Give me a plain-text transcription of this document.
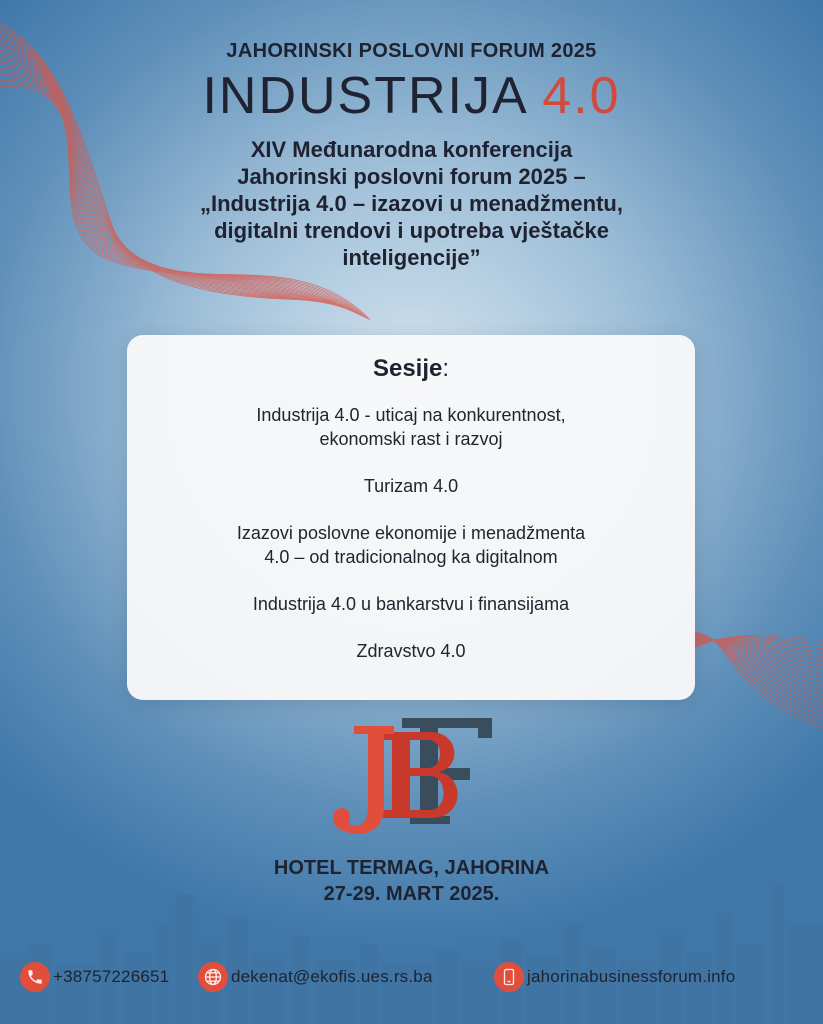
JAHORINSKI POSLOVNI FORUM 2025
INDUSTRIJA 4.0
XIV Međunarodna konferencija
Jahorinski poslovni forum 2025 –
„Industrija 4.0 – izazovi u menadžmentu,
digitalni trendovi i upotreba vještačke
inteligencije”
Sesije:
Industrija 4.0 - uticaj na konkurentnost,
ekonomski rast i razvoj
Turizam 4.0
Izazovi poslovne ekonomije i menadžmenta
4.0 – od tradicionalnog ka digitalnom
Industrija 4.0 u bankarstvu i finansijama
Zdravstvo 4.0
HOTEL TERMAG, JAHORINA
27-29. MART 2025.
+38757226651	dekenat@ekofis.ues.rs.ba	jahorinabusinessforum.info
